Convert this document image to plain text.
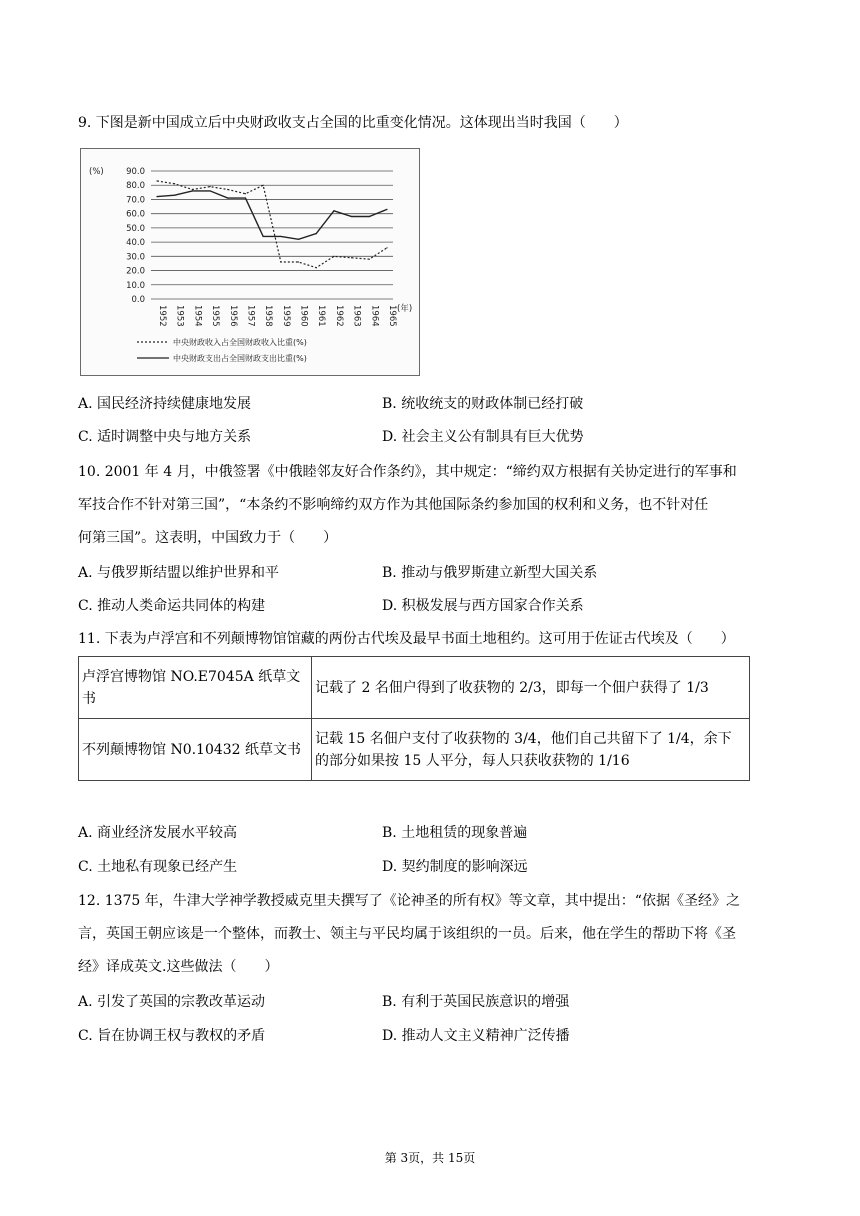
9. 下图是新中国成立后中央财政收支占全国的比重变化情况。这体现出当时我国（　　）
(%)	90.0
80.0
70.0
60.0
50.0
40.0
30.0
20.0
10.0
0.0
1952 1953 1954 1955 1956 1957 1958 1959 1960 1961 1962 1963 1964 1965 (年)
中央财政收入占全国财政收入比重(%)
中央财政支出占全国财政支出比重(%)
A. 国民经济持续健康地发展	B. 统收统支的财政体制已经打破
C. 适时调整中央与地方关系	D. 社会主义公有制具有巨大优势
10. 2001 年 4 月，中俄签署《中俄睦邻友好合作条约》，其中规定：“缔约双方根据有关协定进行的军事和
军技合作不针对第三国”，“本条约不影响缔约双方作为其他国际条约参加国的权利和义务，也不针对任
何第三国”。这表明，中国致力于（　　）
A. 与俄罗斯结盟以维护世界和平	B. 推动与俄罗斯建立新型大国关系
C. 推动人类命运共同体的构建	D. 积极发展与西方国家合作关系
11. 下表为卢浮宫和不列颠博物馆馆藏的两份古代埃及最早书面土地租约。这可用于佐证古代埃及（　　）
卢浮宫博物馆 NO.E7045A 纸草文
书	记载了 2 名佃户得到了收获物的 2/3，即每一个佃户获得了 1/3

不列颠博物馆 N0.10432 纸草文书	记载 15 名佃户支付了收获物的 3/4，他们自己共留下了 1/4，余下
的部分如果按 15 人平分，每人只获收获物的 1/16
A. 商业经济发展水平较高	B. 土地租赁的现象普遍
C. 土地私有现象已经产生	D. 契约制度的影响深远
12. 1375 年，牛津大学神学教授威克里夫撰写了《论神圣的所有权》等文章，其中提出：“依据《圣经》之
言，英国王朝应该是一个整体，而教士、领主与平民均属于该组织的一员。后来，他在学生的帮助下将《圣
经》译成英文.这些做法（　　）
A. 引发了英国的宗教改革运动	B. 有利于英国民族意识的增强
C. 旨在协调王权与教权的矛盾	D. 推动人文主义精神广泛传播
第 3页，共 15页
